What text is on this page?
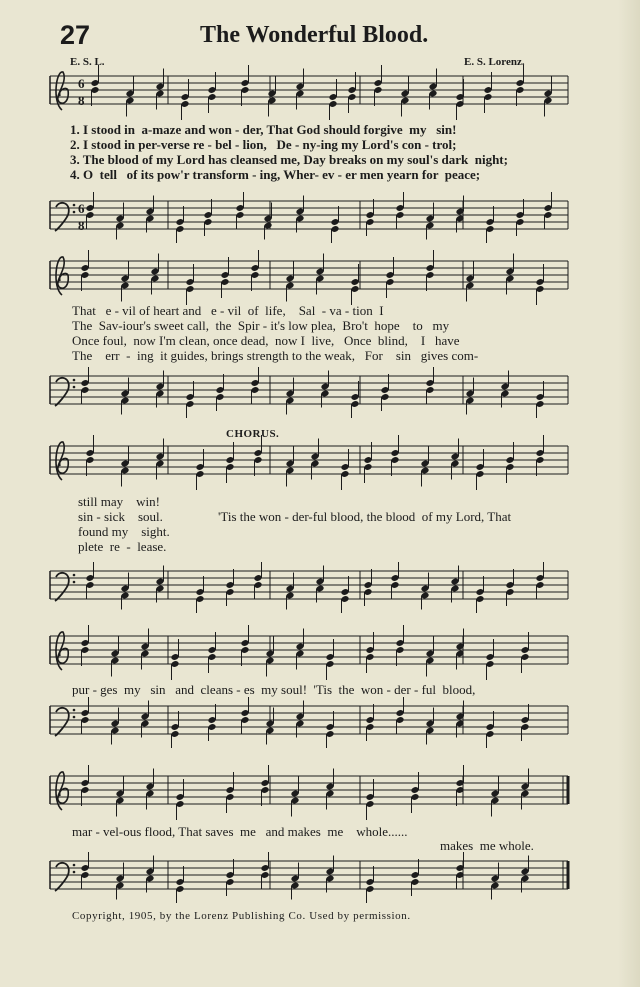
27	The Wonderful Blood.
E. S. L.	E. S. Lorenz.
6
8
1. I stood in  a-maze and won - der, That God should forgive  my   sin!
2. I stood in per-verse re - bel - lion,   De - ny-ing my Lord's con - trol;
3. The blood of my Lord has cleansed me, Day breaks on my soul's dark  night;
4. O  tell   of its pow'r transform - ing, Wher- ev - er men yearn for  peace;
6
8
That   e - vil of heart and   e - vil  of  life,    Sal  - va - tion  I
The  Sav-iour's sweet call,  the  Spir - it's low plea,  Bro't  hope    to   my
Once foul,  now I'm clean, once dead,  now I  live,   Once  blind,    I   have
The    err  -  ing  it guides, brings strength to the weak,   For    sin   gives com-
CHORUS.
still may    win!
sin - sick    soul.
found my    sight.
plete  re  -  lease.
'Tis the won - der-ful blood, the blood  of my Lord, That
pur - ges  my   sin   and  cleans - es  my soul!  'Tis  the  won - der - ful  blood,
mar - vel-ous flood, That saves  me   and makes  me    whole......
makes  me whole.
Copyright, 1905, by the Lorenz Publishing Co. Used by permission.
